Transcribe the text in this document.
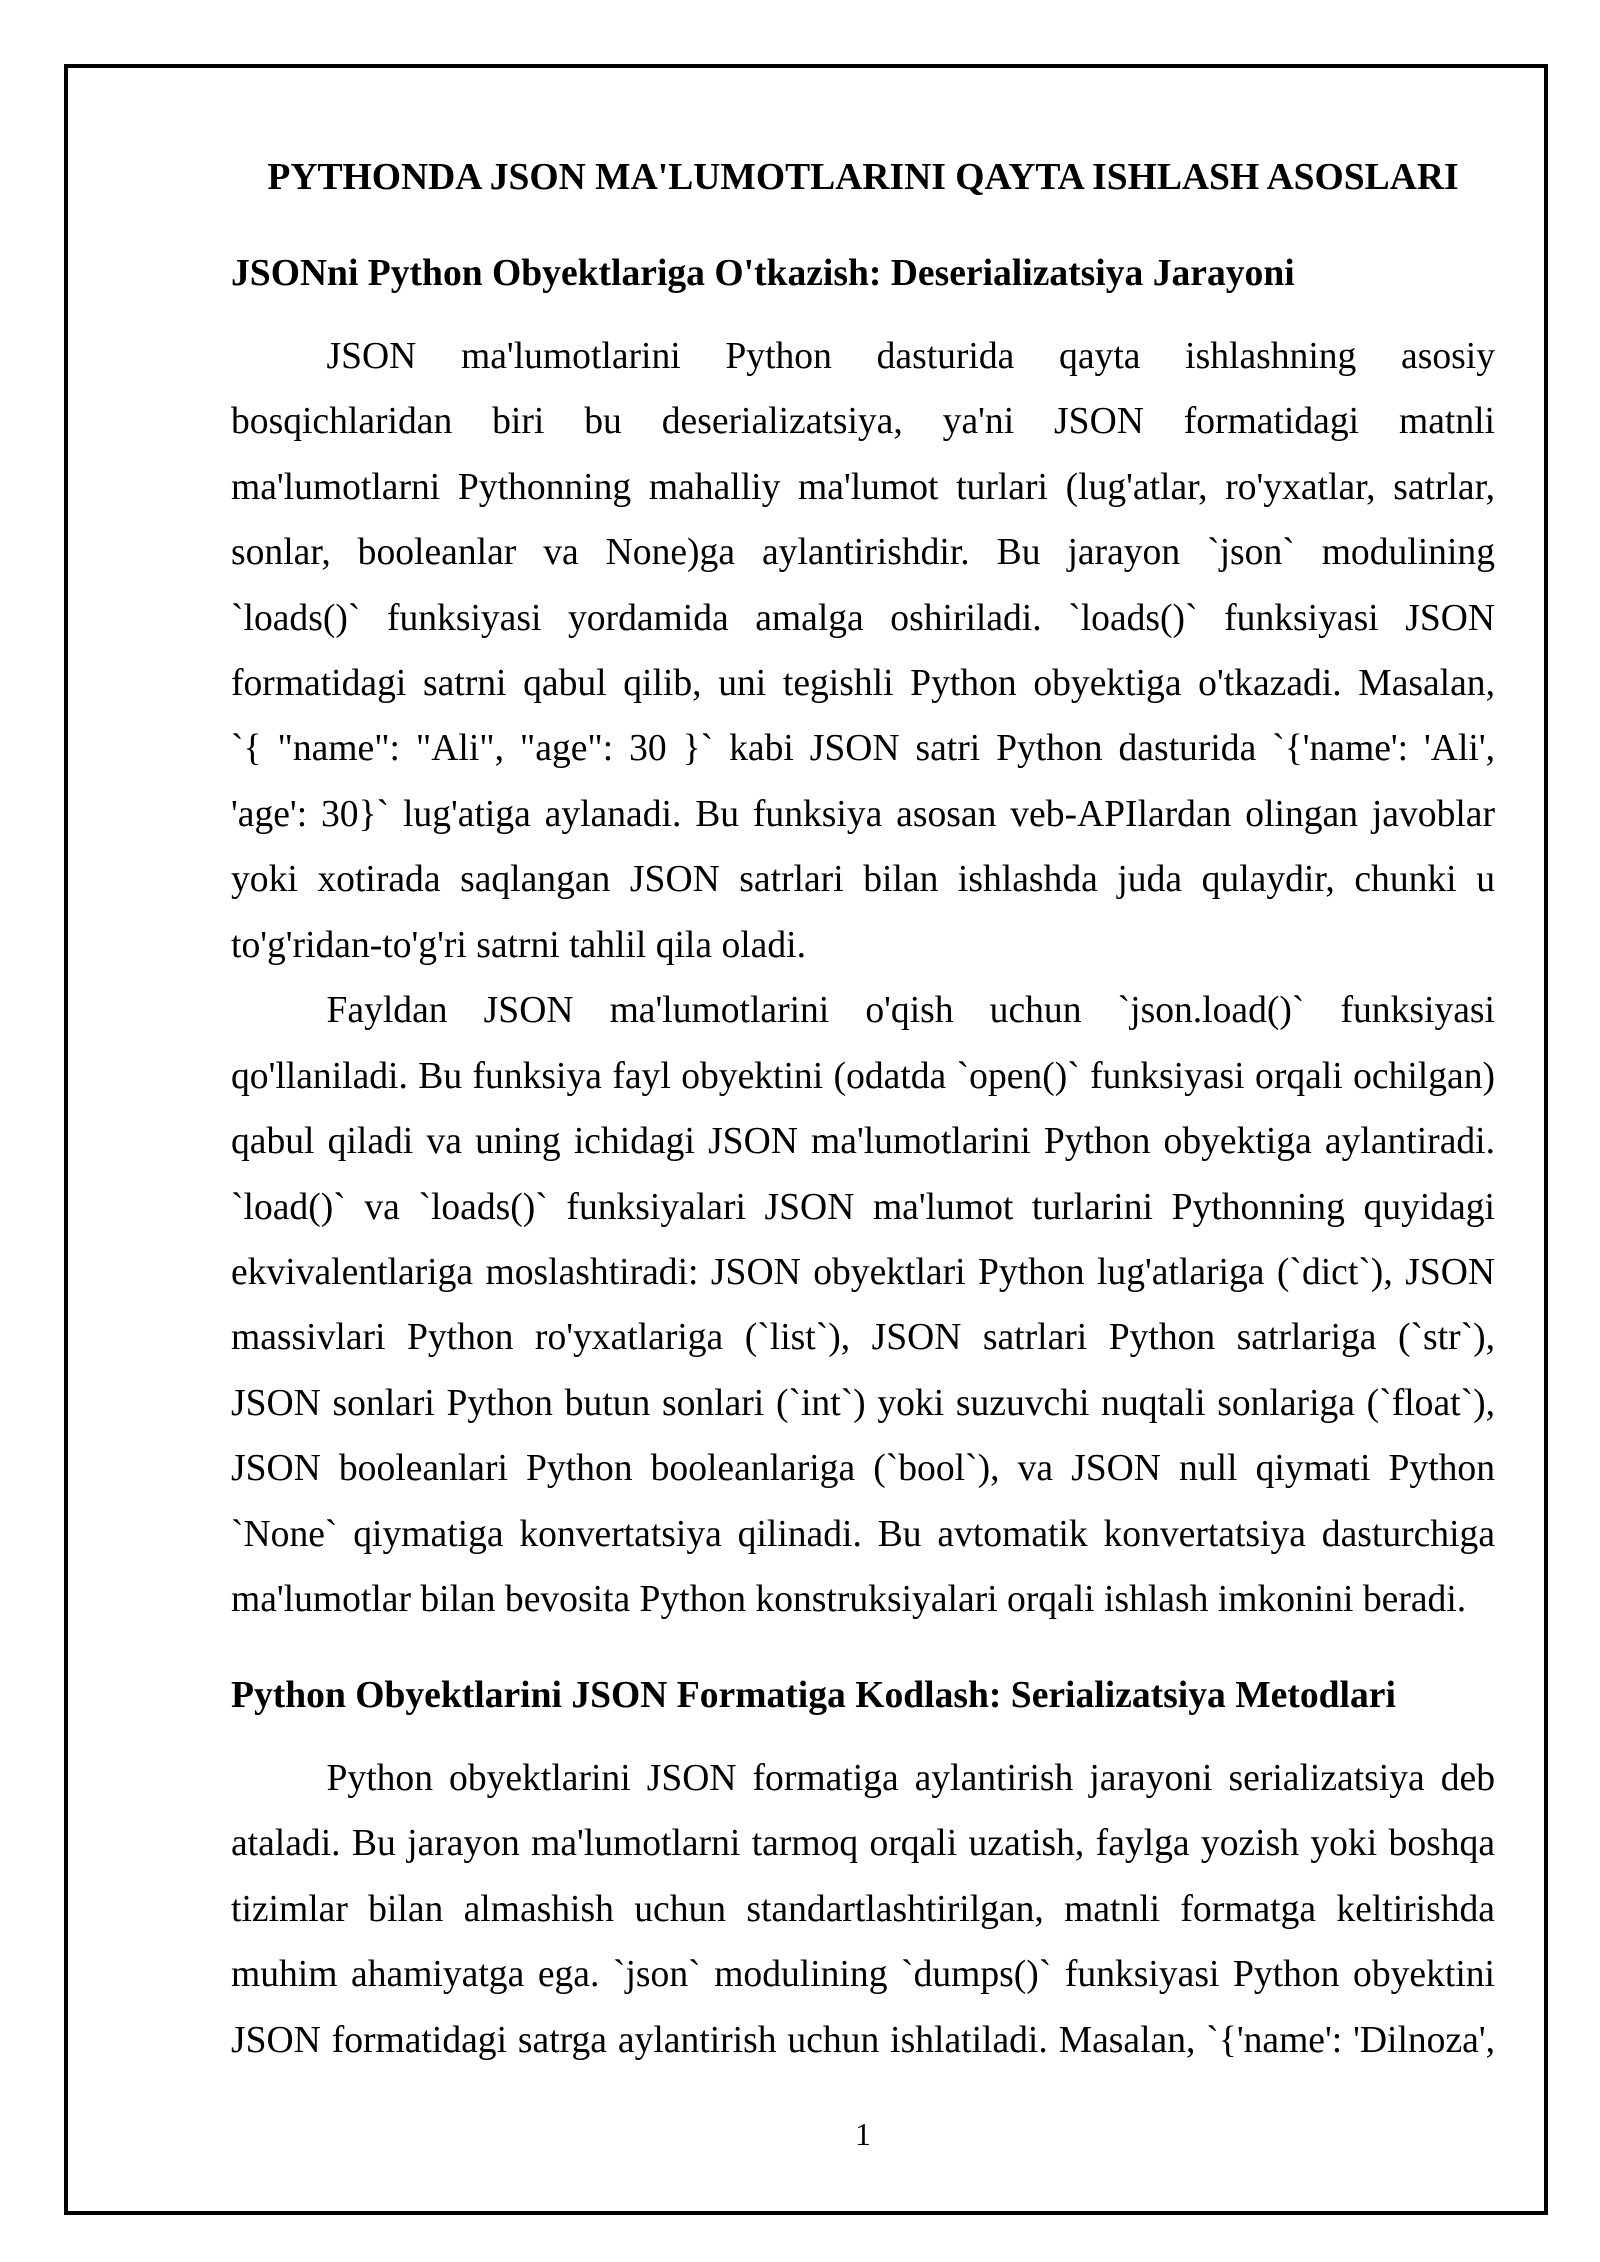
PYTHONDA JSON MA'LUMOTLARINI QAYTA ISHLASH ASOSLARI
JSONni Python Obyektlariga O'tkazish: Deserializatsiya Jarayoni
JSON ma'lumotlarini Python dasturida qayta ishlashning asosiy
bosqichlaridan biri bu deserializatsiya, ya'ni JSON formatidagi matnli
ma'lumotlarni Pythonning mahalliy ma'lumot turlari (lug'atlar, ro'yxatlar, satrlar,
sonlar, booleanlar va None)ga aylantirishdir. Bu jarayon `json` modulining
`loads()` funksiyasi yordamida amalga oshiriladi. `loads()` funksiyasi JSON
formatidagi satrni qabul qilib, uni tegishli Python obyektiga o'tkazadi. Masalan,
`{ "name": "Ali", "age": 30 }` kabi JSON satri Python dasturida `{'name': 'Ali',
'age': 30}` lug'atiga aylanadi. Bu funksiya asosan veb-APIlardan olingan javoblar
yoki xotirada saqlangan JSON satrlari bilan ishlashda juda qulaydir, chunki u
to'g'ridan-to'g'ri satrni tahlil qila oladi.
Fayldan JSON ma'lumotlarini o'qish uchun `json.load()` funksiyasi
qo'llaniladi. Bu funksiya fayl obyektini (odatda `open()` funksiyasi orqali ochilgan)
qabul qiladi va uning ichidagi JSON ma'lumotlarini Python obyektiga aylantiradi.
`load()` va `loads()` funksiyalari JSON ma'lumot turlarini Pythonning quyidagi
ekvivalentlariga moslashtiradi: JSON obyektlari Python lug'atlariga (`dict`), JSON
massivlari Python ro'yxatlariga (`list`), JSON satrlari Python satrlariga (`str`),
JSON sonlari Python butun sonlari (`int`) yoki suzuvchi nuqtali sonlariga (`float`),
JSON booleanlari Python booleanlariga (`bool`), va JSON null qiymati Python
`None` qiymatiga konvertatsiya qilinadi. Bu avtomatik konvertatsiya dasturchiga
ma'lumotlar bilan bevosita Python konstruksiyalari orqali ishlash imkonini beradi.
Python Obyektlarini JSON Formatiga Kodlash: Serializatsiya Metodlari
Python obyektlarini JSON formatiga aylantirish jarayoni serializatsiya deb
ataladi. Bu jarayon ma'lumotlarni tarmoq orqali uzatish, faylga yozish yoki boshqa
tizimlar bilan almashish uchun standartlashtirilgan, matnli formatga keltirishda
muhim ahamiyatga ega. `json` modulining `dumps()` funksiyasi Python obyektini
JSON formatidagi satrga aylantirish uchun ishlatiladi. Masalan, `{'name': 'Dilnoza',
1
